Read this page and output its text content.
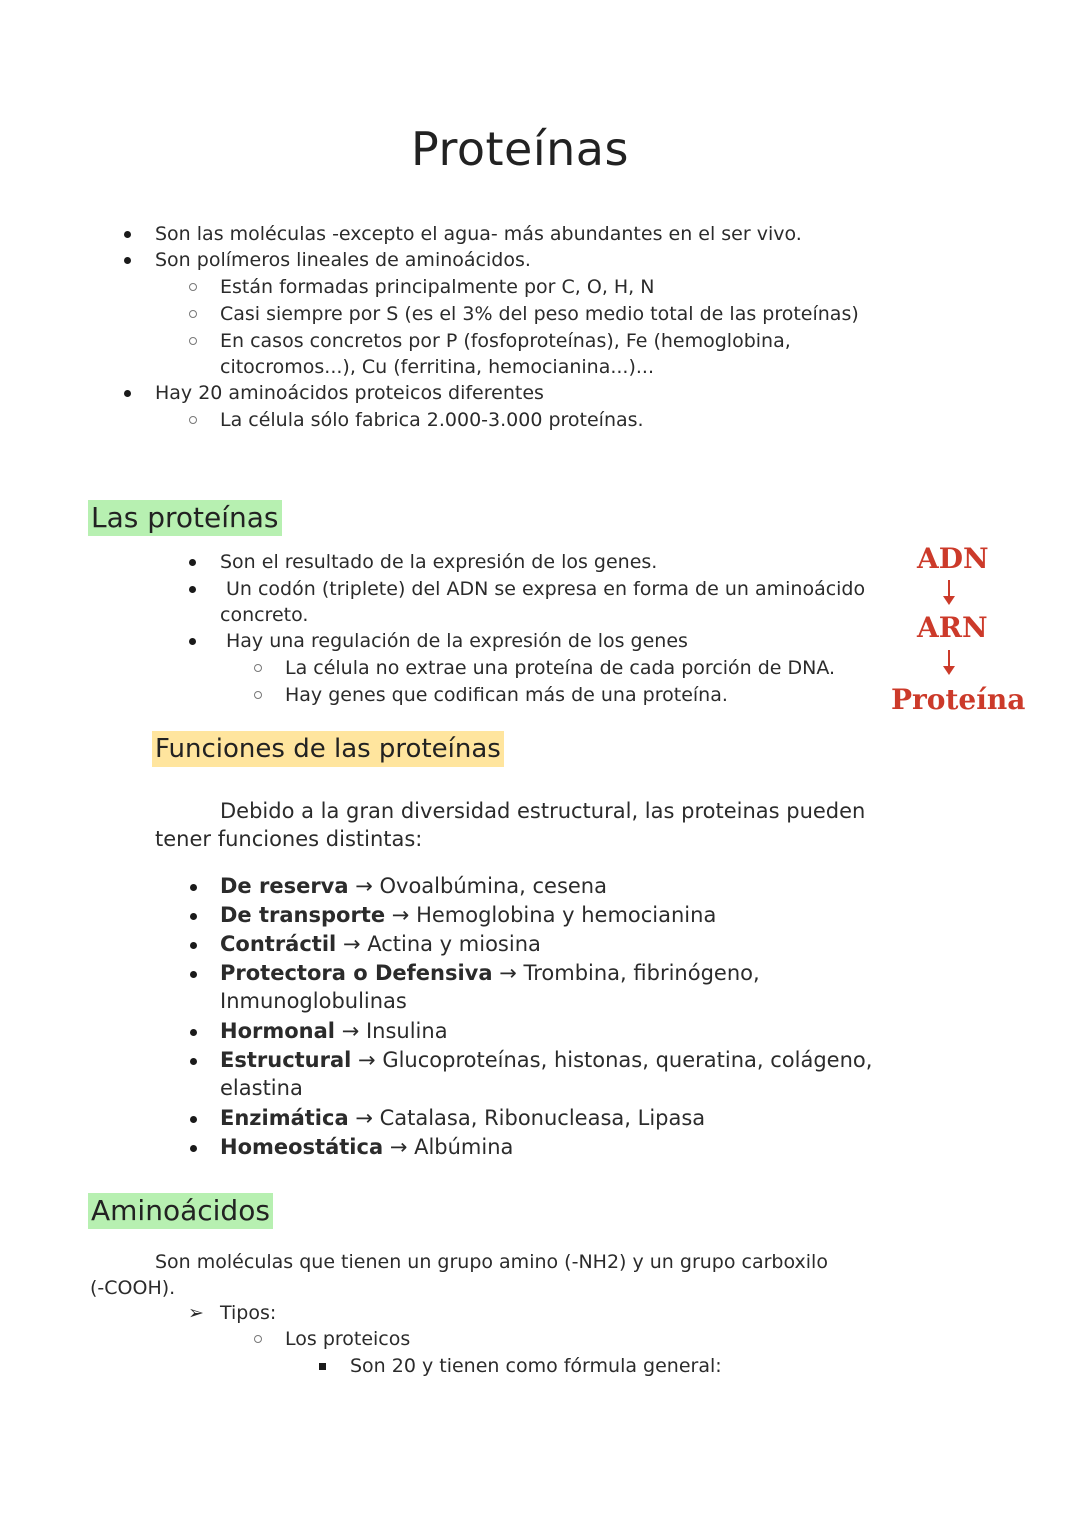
Proteínas
Son las moléculas -excepto el agua- más abundantes en el ser vivo.
Son polímeros lineales de aminoácidos.
Están formadas principalmente por C, O, H, N
Casi siempre por S (es el 3% del peso medio total de las proteínas)
En casos concretos por P (fosfoproteínas), Fe (hemoglobina,
citocromos...), Cu (ferritina, hemocianina...)...
Hay 20 aminoácidos proteicos diferentes
La célula sólo fabrica 2.000-3.000 proteínas.
Las proteínas
Son el resultado de la expresión de los genes.
Un codón (triplete) del ADN se expresa en forma de un aminoácido
concreto.
Hay una regulación de la expresión de los genes
La célula no extrae una proteína de cada porción de DNA.
Hay genes que codifican más de una proteína.
ADN
ARN
Proteína
Funciones de las proteínas
Debido a la gran diversidad estructural, las proteinas pueden
tener funciones distintas:
De reserva → Ovoalbúmina, cesena
De transporte → Hemoglobina y hemocianina
Contráctil → Actina y miosina
Protectora o Defensiva → Trombina, fibrinógeno,
Inmunoglobulinas
Hormonal → Insulina
Estructural → Glucoproteínas, histonas, queratina, colágeno,
elastina
Enzimática → Catalasa, Ribonucleasa, Lipasa
Homeostática → Albúmina
Aminoácidos
Son moléculas que tienen un grupo amino (-NH2) y un grupo carboxilo
(-COOH).
➢ Tipos:
Los proteicos
Son 20 y tienen como fórmula general:
